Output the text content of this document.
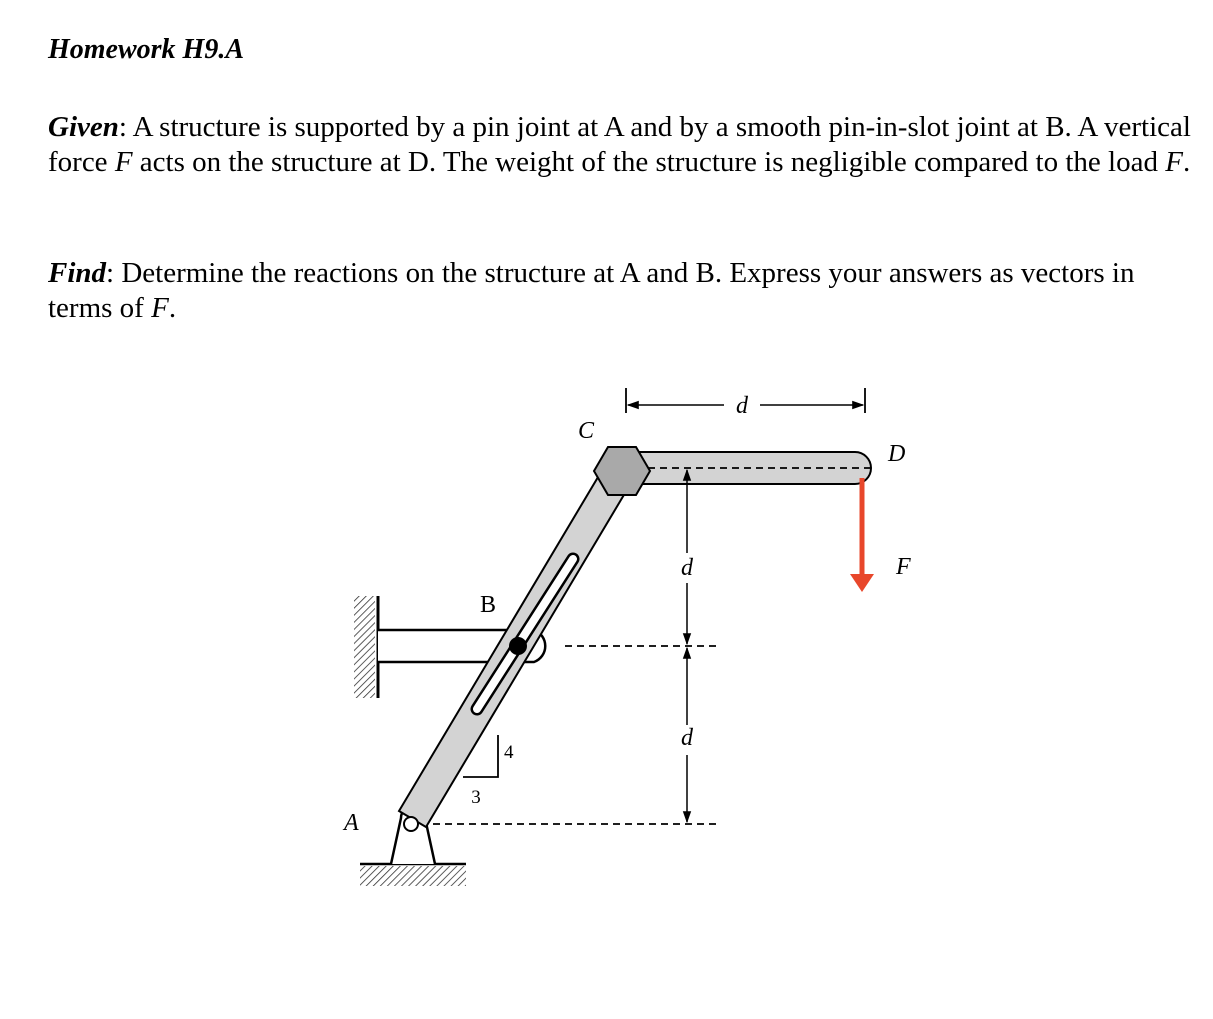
Homework H9.A
Given: A structure is supported by a pin joint at A and by a smooth pin-in-slot joint at B. A vertical force F acts on the structure at D. The weight of the structure is negligible compared to the load F.
Find: Determine the reactions on the structure at A and B. Express your answers as vectors in terms of F.
d
d
d
4
3
C
D
F
B
A
